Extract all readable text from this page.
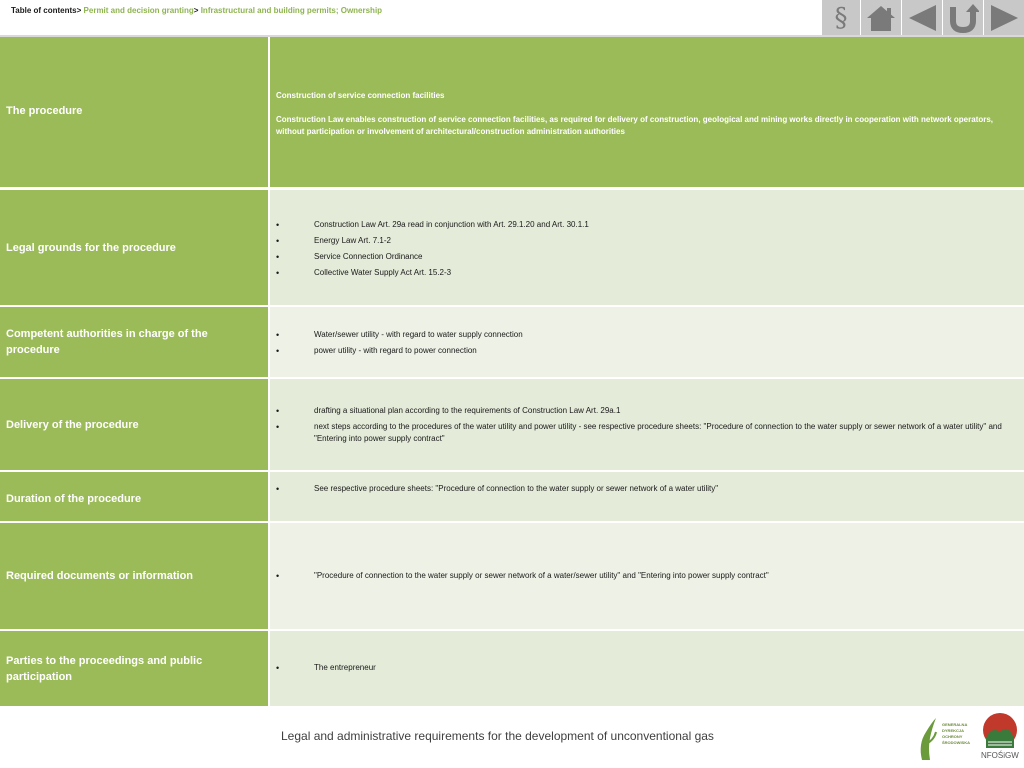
Table of contents> Permit and decision granting> Infrastructural and building permits; Ownership	§
The procedure

Construction of service connection facilities

Construction Law enables construction of service connection facilities, as required for delivery of construction, geological and mining works directly in cooperation with network operators, without participation or involvement of architectural/construction administration authorities

Legal grounds for the procedure
• Construction Law Art. 29a read in conjunction with Art. 29.1.20 and Art. 30.1.1
• Energy Law Art. 7.1-2
• Service Connection Ordinance
• Collective Water Supply Act Art. 15.2-3
Competent authorities in charge of the procedure
• Water/sewer utility - with regard to water supply connection
• power utility - with regard to power connection
Delivery of the procedure
• drafting a situational plan according to the requirements of Construction Law Art. 29a.1
• next steps according to the procedures of the water utility and power utility - see respective procedure sheets: "Procedure of connection to the water supply or sewer network of a water utility" and "Entering into power supply contract"
Duration of the procedure
• See respective procedure sheets: "Procedure of connection to the water supply or sewer network of a water utility"
Required documents or information
•	"Procedure of connection to the water supply or sewer network of a water/sewer utility" and "Entering into power supply contract"
Parties to the proceedings and public participation
• The entrepreneur
Legal and administrative requirements for the development of unconventional gas
GENERALNA
DYREKCJA
OCHRONY
ŚRODOWISKA
NFOŚiGW
